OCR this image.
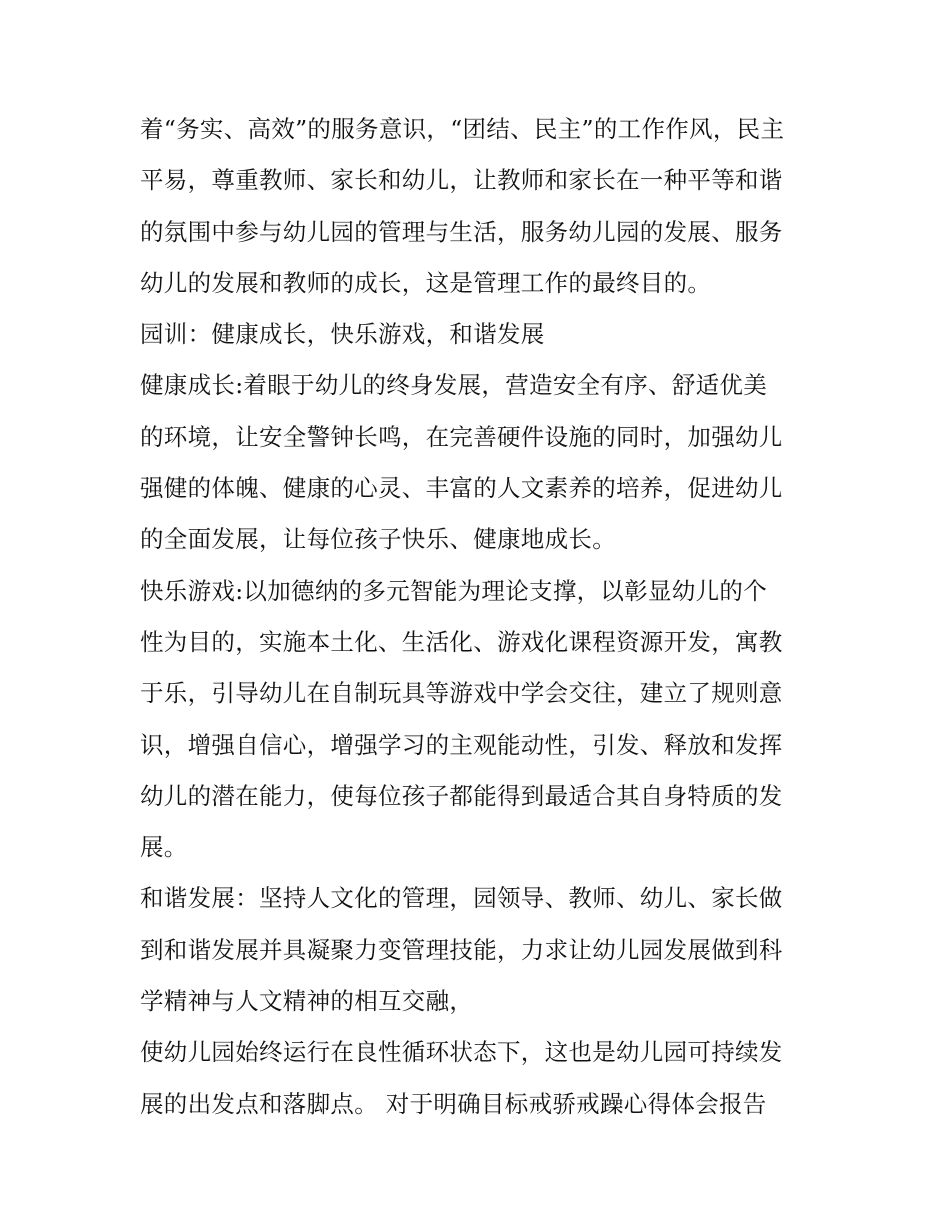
着“务实、高效”的服务意识，“团结、民主”的工作作风，民主
平易，尊重教师、家长和幼儿，让教师和家长在一种平等和谐
的氛围中参与幼儿园的管理与生活，服务幼儿园的发展、服务
幼儿的发展和教师的成长，这是管理工作的最终目的。
园训：健康成长，快乐游戏，和谐发展
健康成长:着眼于幼儿的终身发展，营造安全有序、舒适优美
的环境，让安全警钟长鸣，在完善硬件设施的同时，加强幼儿
强健的体魄、健康的心灵、丰富的人文素养的培养，促进幼儿
的全面发展，让每位孩子快乐、健康地成长。
快乐游戏:以加德纳的多元智能为理论支撑，以彰显幼儿的个
性为目的，实施本土化、生活化、游戏化课程资源开发，寓教
于乐，引导幼儿在自制玩具等游戏中学会交往，建立了规则意
识，增强自信心，增强学习的主观能动性，引发、释放和发挥
幼儿的潜在能力，使每位孩子都能得到最适合其自身特质的发
展。
和谐发展：坚持人文化的管理，园领导、教师、幼儿、家长做
到和谐发展并具凝聚力变管理技能，力求让幼儿园发展做到科
学精神与人文精神的相互交融，
使幼儿园始终运行在良性循环状态下，这也是幼儿园可持续发
展的出发点和落脚点。 对于明确目标戒骄戒躁心得体会报告
